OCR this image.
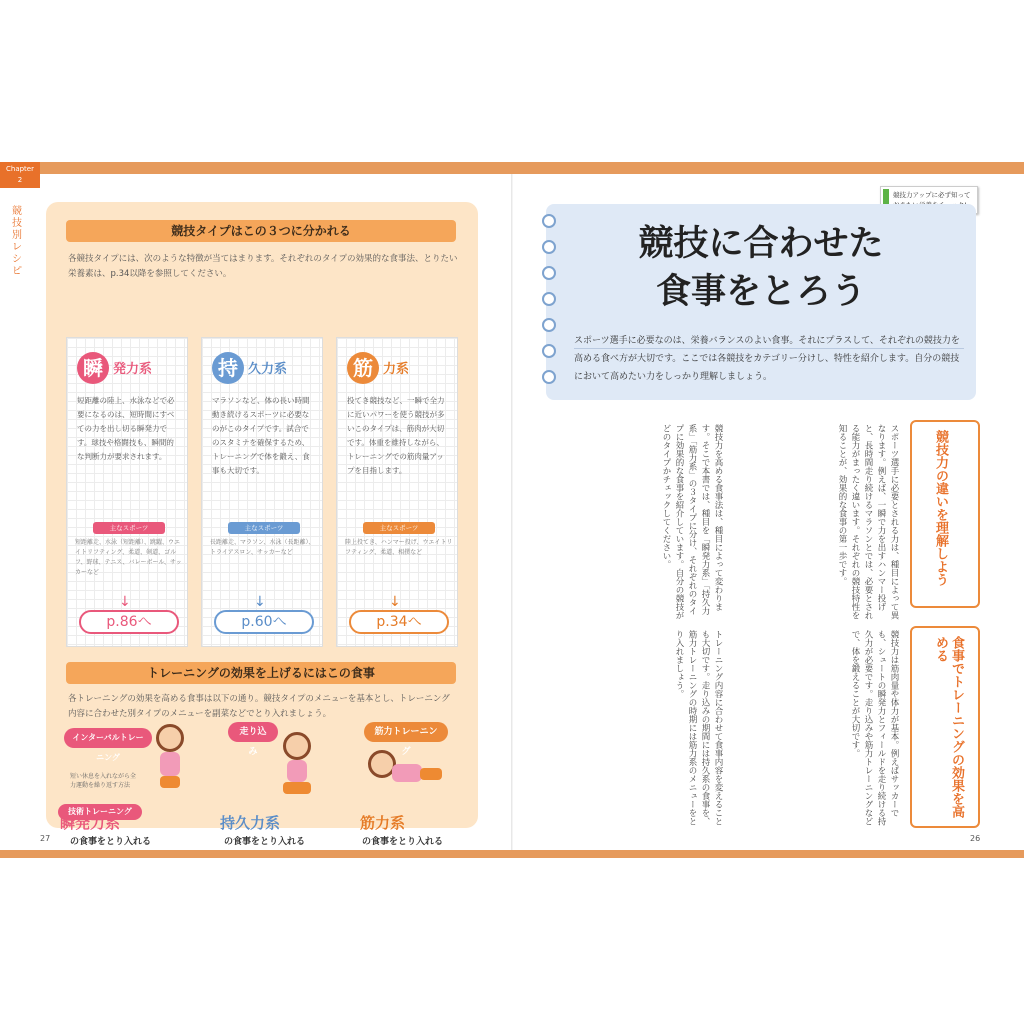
Chapter
2
競技別レシピ
競技タイプはこの３つに分かれる
各競技タイプには、次のような特徴が当てはまります。それぞれのタイプの効果的な食事法、とりたい栄養素は、p.34以降を参照してください。
瞬 発力系
短距離の陸上、水泳などで必要になるのは、短時間にすべての力を出し切る瞬発力です。球技や格闘技も、瞬間的な判断力が要求されます。
主なスポーツ
短距離走、水泳（短距離）、跳躍、ウエイトリフティング、柔道、剣道、ゴルフ、野球、テニス、バレーボール、サッカーなど
↓
p.86へ
持 久力系
マラソンなど、体の長い時間動き続けるスポーツに必要なのがこのタイプです。試合でのスタミナを確保するため、トレーニングで体を鍛え、食事も大切です。
主なスポーツ
長距離走、マラソン、水泳（長距離）、トライアスロン、サッカーなど
↓
p.60へ
筋 力系
投てき競技など、一瞬で全力に近いパワーを使う競技が多いこのタイプは、筋肉が大切です。体重を維持しながら、トレーニングでの筋肉量アップを目指します。
主なスポーツ
陸上投てき、ハンマー投げ、ウエイトリフティング、柔道、相撲など
↓
p.34へ
トレーニングの効果を上げるにはこの食事
各トレーニングの効果を高める食事は以下の通り。競技タイプのメニューを基本とし、トレーニング内容に合わせた別タイプのメニューを副菜などでとり入れましょう。
インターバルトレーニング
短い休息を入れながら全力運動を繰り返す方法
技術トレーニング
走り込み
筋力トレーニング
瞬発力系
の食事をとり入れる
持久力系
の食事をとり入れる
筋力系
の食事をとり入れる
27
競技力アップに必ず知って
競技に合わせた
食事をとろう
スポーツ選手に必要なのは、栄養バランスのよい食事。それにプラスして、それぞれの競技力を高める食べ方が大切です。ここでは各競技をカテゴリー分けし、特性を紹介します。自分の競技において高めたい力をしっかり理解しましょう。
競技力の違いを理解しよう
食事でトレーニングの効果を高める
スポーツ選手に必要とされる力は、種目によって異なります。例えば、一瞬で力を出すハンマー投げと、長時間走り続けるマラソンとでは、必要とされる能力がまったく違います。それぞれの競技特性を知ることが、効果的な食事の第一歩です。
競技力を高める食事法は、種目によって変わります。そこで本書では、種目を「瞬発力系」「持久力系」「筋力系」の３タイプに分け、それぞれのタイプに効果的な食事を紹介しています。自分の競技がどのタイプかチェックしてください。
競技力は筋肉量や体力が基本。例えばサッカーでも、シュートの瞬発力とフィールドを走り続ける持久力が必要です。走り込みや筋力トレーニングなどで、体を鍛えることが大切です。
トレーニング内容に合わせて食事内容を変えることも大切です。走り込みの期間には持久系の食事を、筋力トレーニングの時期には筋力系のメニューをとり入れましょう。
26
